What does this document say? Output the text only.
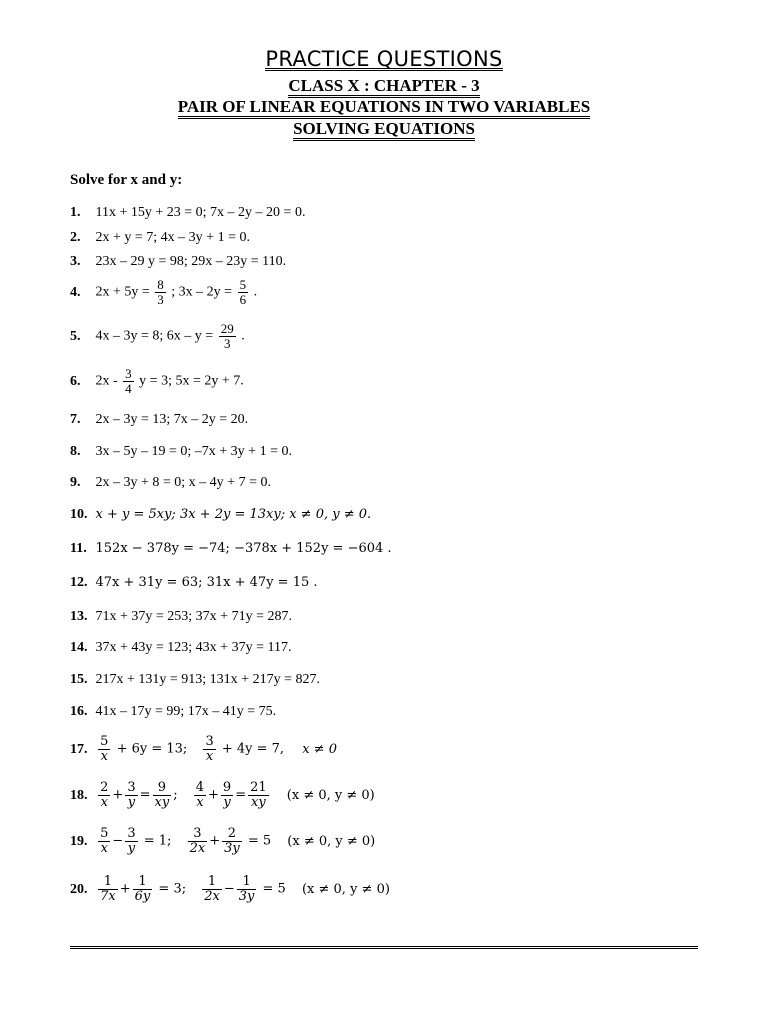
PRACTICE QUESTIONS
CLASS X : CHAPTER - 3
PAIR OF LINEAR EQUATIONS IN TWO VARIABLES
SOLVING EQUATIONS
Solve for x and y:
1. 11x + 15y + 23 = 0; 7x – 2y – 20 = 0.
2. 2x + y = 7; 4x – 3y + 1 = 0.
3. 23x – 29 y = 98; 29x – 23y = 110.
4. $2x + 5y = \frac{8}{3}$ ; $3x - 2y = \frac{5}{6}$ .
5. 4x – 3y = 8; $6x - y = \frac{29}{3}$ .
6. $2x - \frac{3}{4}$ y = 3; 5x = 2y + 7.
7. 2x – 3y = 13; 7x – 2y = 20.
8. 3x – 5y – 19 = 0; –7x + 3y + 1 = 0.
9. 2x – 3y + 8 = 0; x – 4y + 7 = 0.
10. x + y = 5xy; 3x + 2y = 13xy; x ≠ 0, y ≠ 0.
11. 152x − 378y = −74; −378x + 152y = −604 .
12. 47x + 31y = 63; 31x + 47y = 15 .
13. 71x + 37y = 253; 37x + 71y = 287.
14. 37x + 43y = 123; 43x + 37y = 117.
15. 217x + 131y = 913; 131x + 217y = 827.
16. 41x – 17y = 99; 17x – 41y = 75.
17. $\frac{5}{x} + 6y = 13$; $\frac{3}{x} + 4y = 7$, x ≠ 0
18. $\frac{2}{x} + \frac{3}{y} = \frac{9}{xy}$ ; $\frac{4}{x} + \frac{9}{y} = \frac{21}{xy} (x \ne 0$, y ≠ 0)
19. $\frac{5}{x} - \frac{3}{y} = 1$; $\frac{3}{2x} + \frac{2}{3y} = 5$ (x ≠ 0, y ≠ 0)
20. $\frac{1}{7x} + \frac{1}{6y} = 3$; $\frac{1}{2x} - \frac{1}{3y} = 5$ (x ≠ 0, y ≠ 0)
